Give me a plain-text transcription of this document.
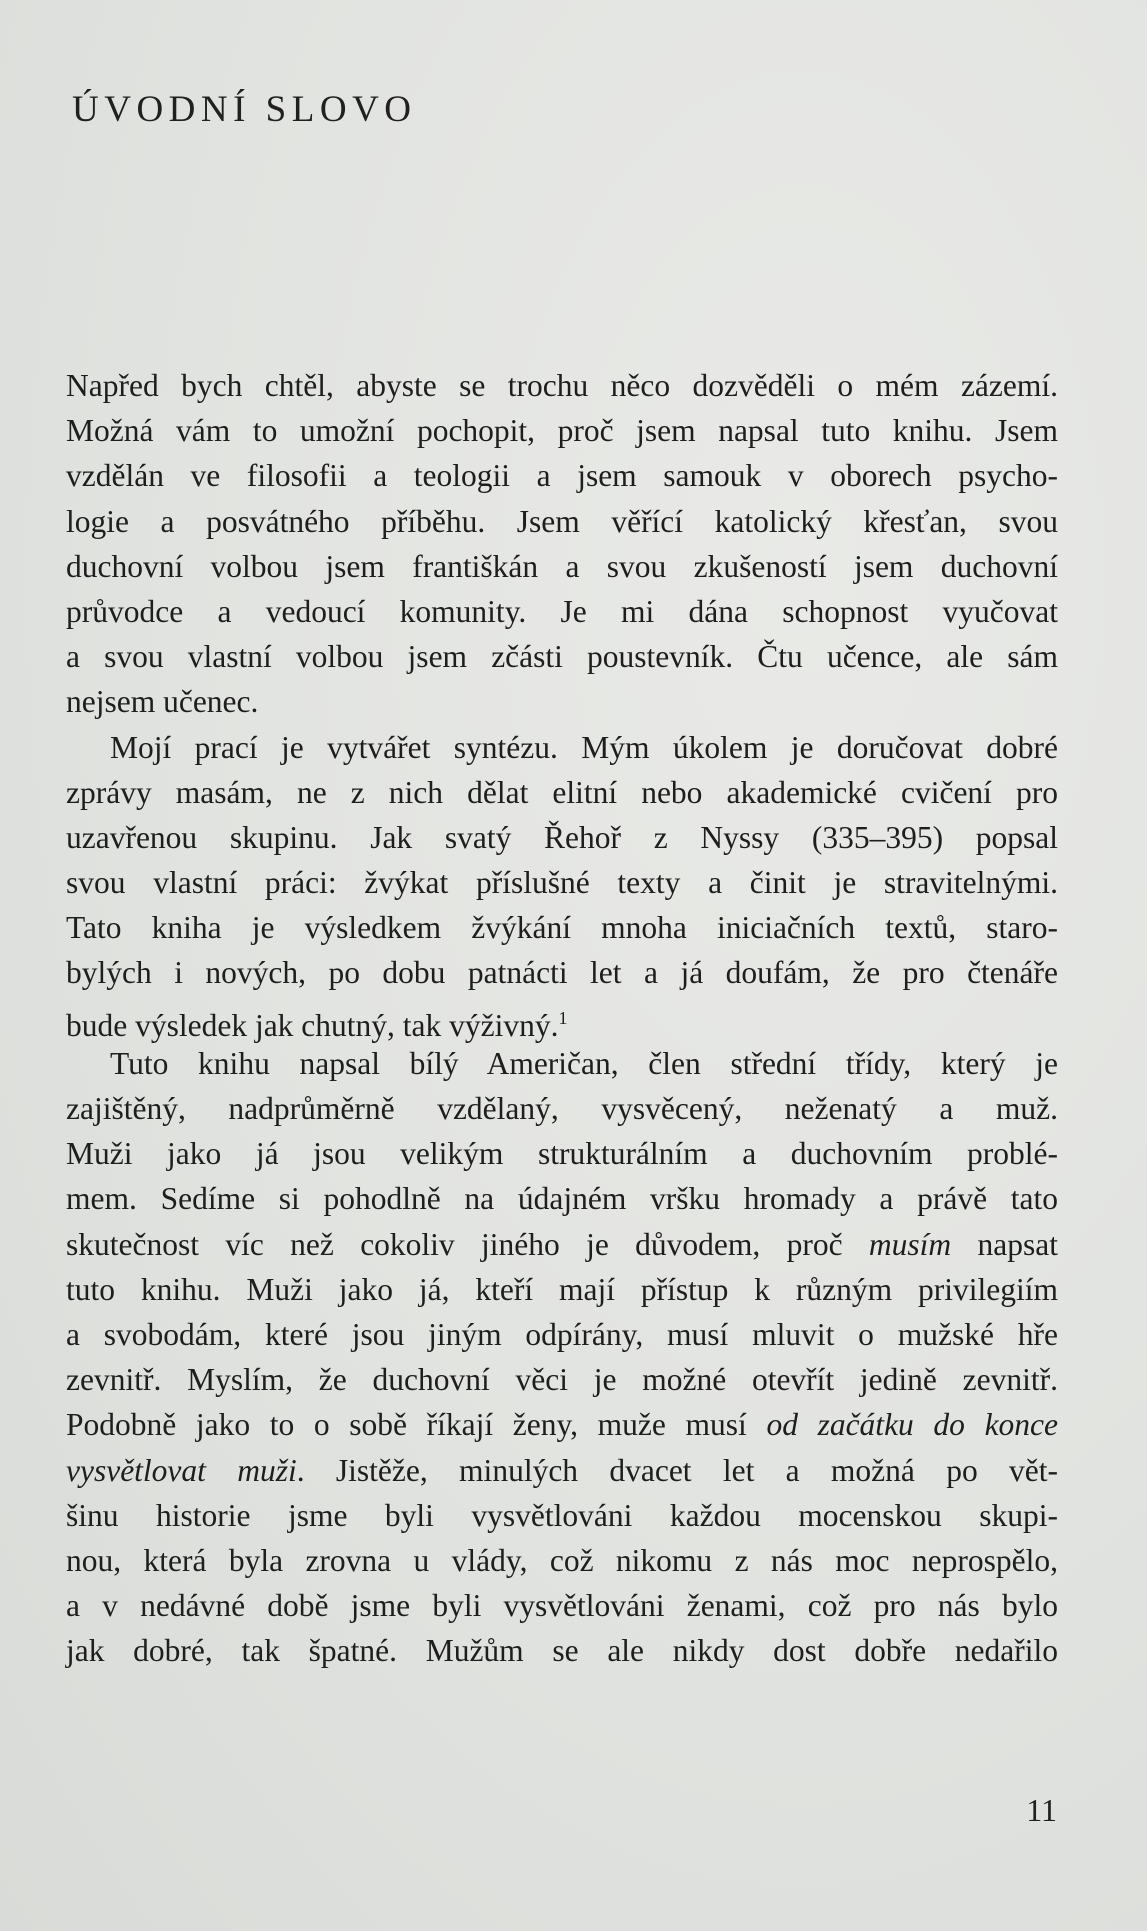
ÚVODNÍ SLOVO
Napřed bych chtěl, abyste se trochu něco dozvěděli o mém zázemí.
Možná vám to umožní pochopit, proč jsem napsal tuto knihu. Jsem
vzdělán ve filosofii a teologii a jsem samouk v oborech psycho-
logie a posvátného příběhu. Jsem věřící katolický křesťan, svou
duchovní volbou jsem františkán a svou zkušeností jsem duchovní
průvodce a vedoucí komunity. Je mi dána schopnost vyučovat
a svou vlastní volbou jsem zčásti poustevník. Čtu učence, ale sám
nejsem učenec.
Mojí prací je vytvářet syntézu. Mým úkolem je doručovat dobré
zprávy masám, ne z nich dělat elitní nebo akademické cvičení pro
uzavřenou skupinu. Jak svatý Řehoř z Nyssy (335–395) popsal
svou vlastní práci: žvýkat příslušné texty a činit je stravitelnými.
Tato kniha je výsledkem žvýkání mnoha iniciačních textů, staro-
bylých i nových, po dobu patnácti let a já doufám, že pro čtenáře
bude výsledek jak chutný, tak výživný.$^1$
Tuto knihu napsal bílý Američan, člen střední třídy, který je
zajištěný, nadprůměrně vzdělaný, vysvěcený, neženatý a muž.
Muži jako já jsou velikým strukturálním a duchovním problé-
mem. Sedíme si pohodlně na údajném vršku hromady a právě tato
skutečnost víc než cokoliv jiného je důvodem, proč musím napsat
tuto knihu. Muži jako já, kteří mají přístup k různým privilegiím
a svobodám, které jsou jiným odpírány, musí mluvit o mužské hře
zevnitř. Myslím, že duchovní věci je možné otevřít jedině zevnitř.
Podobně jako to o sobě říkají ženy, muže musí od začátku do konce
vysvětlovat muži. Jistěže, minulých dvacet let a možná po vět-
šinu historie jsme byli vysvětlováni každou mocenskou skupi-
nou, která byla zrovna u vlády, což nikomu z nás moc neprospělo,
a v nedávné době jsme byli vysvětlováni ženami, což pro nás bylo
jak dobré, tak špatné. Mužům se ale nikdy dost dobře nedařilo
11
